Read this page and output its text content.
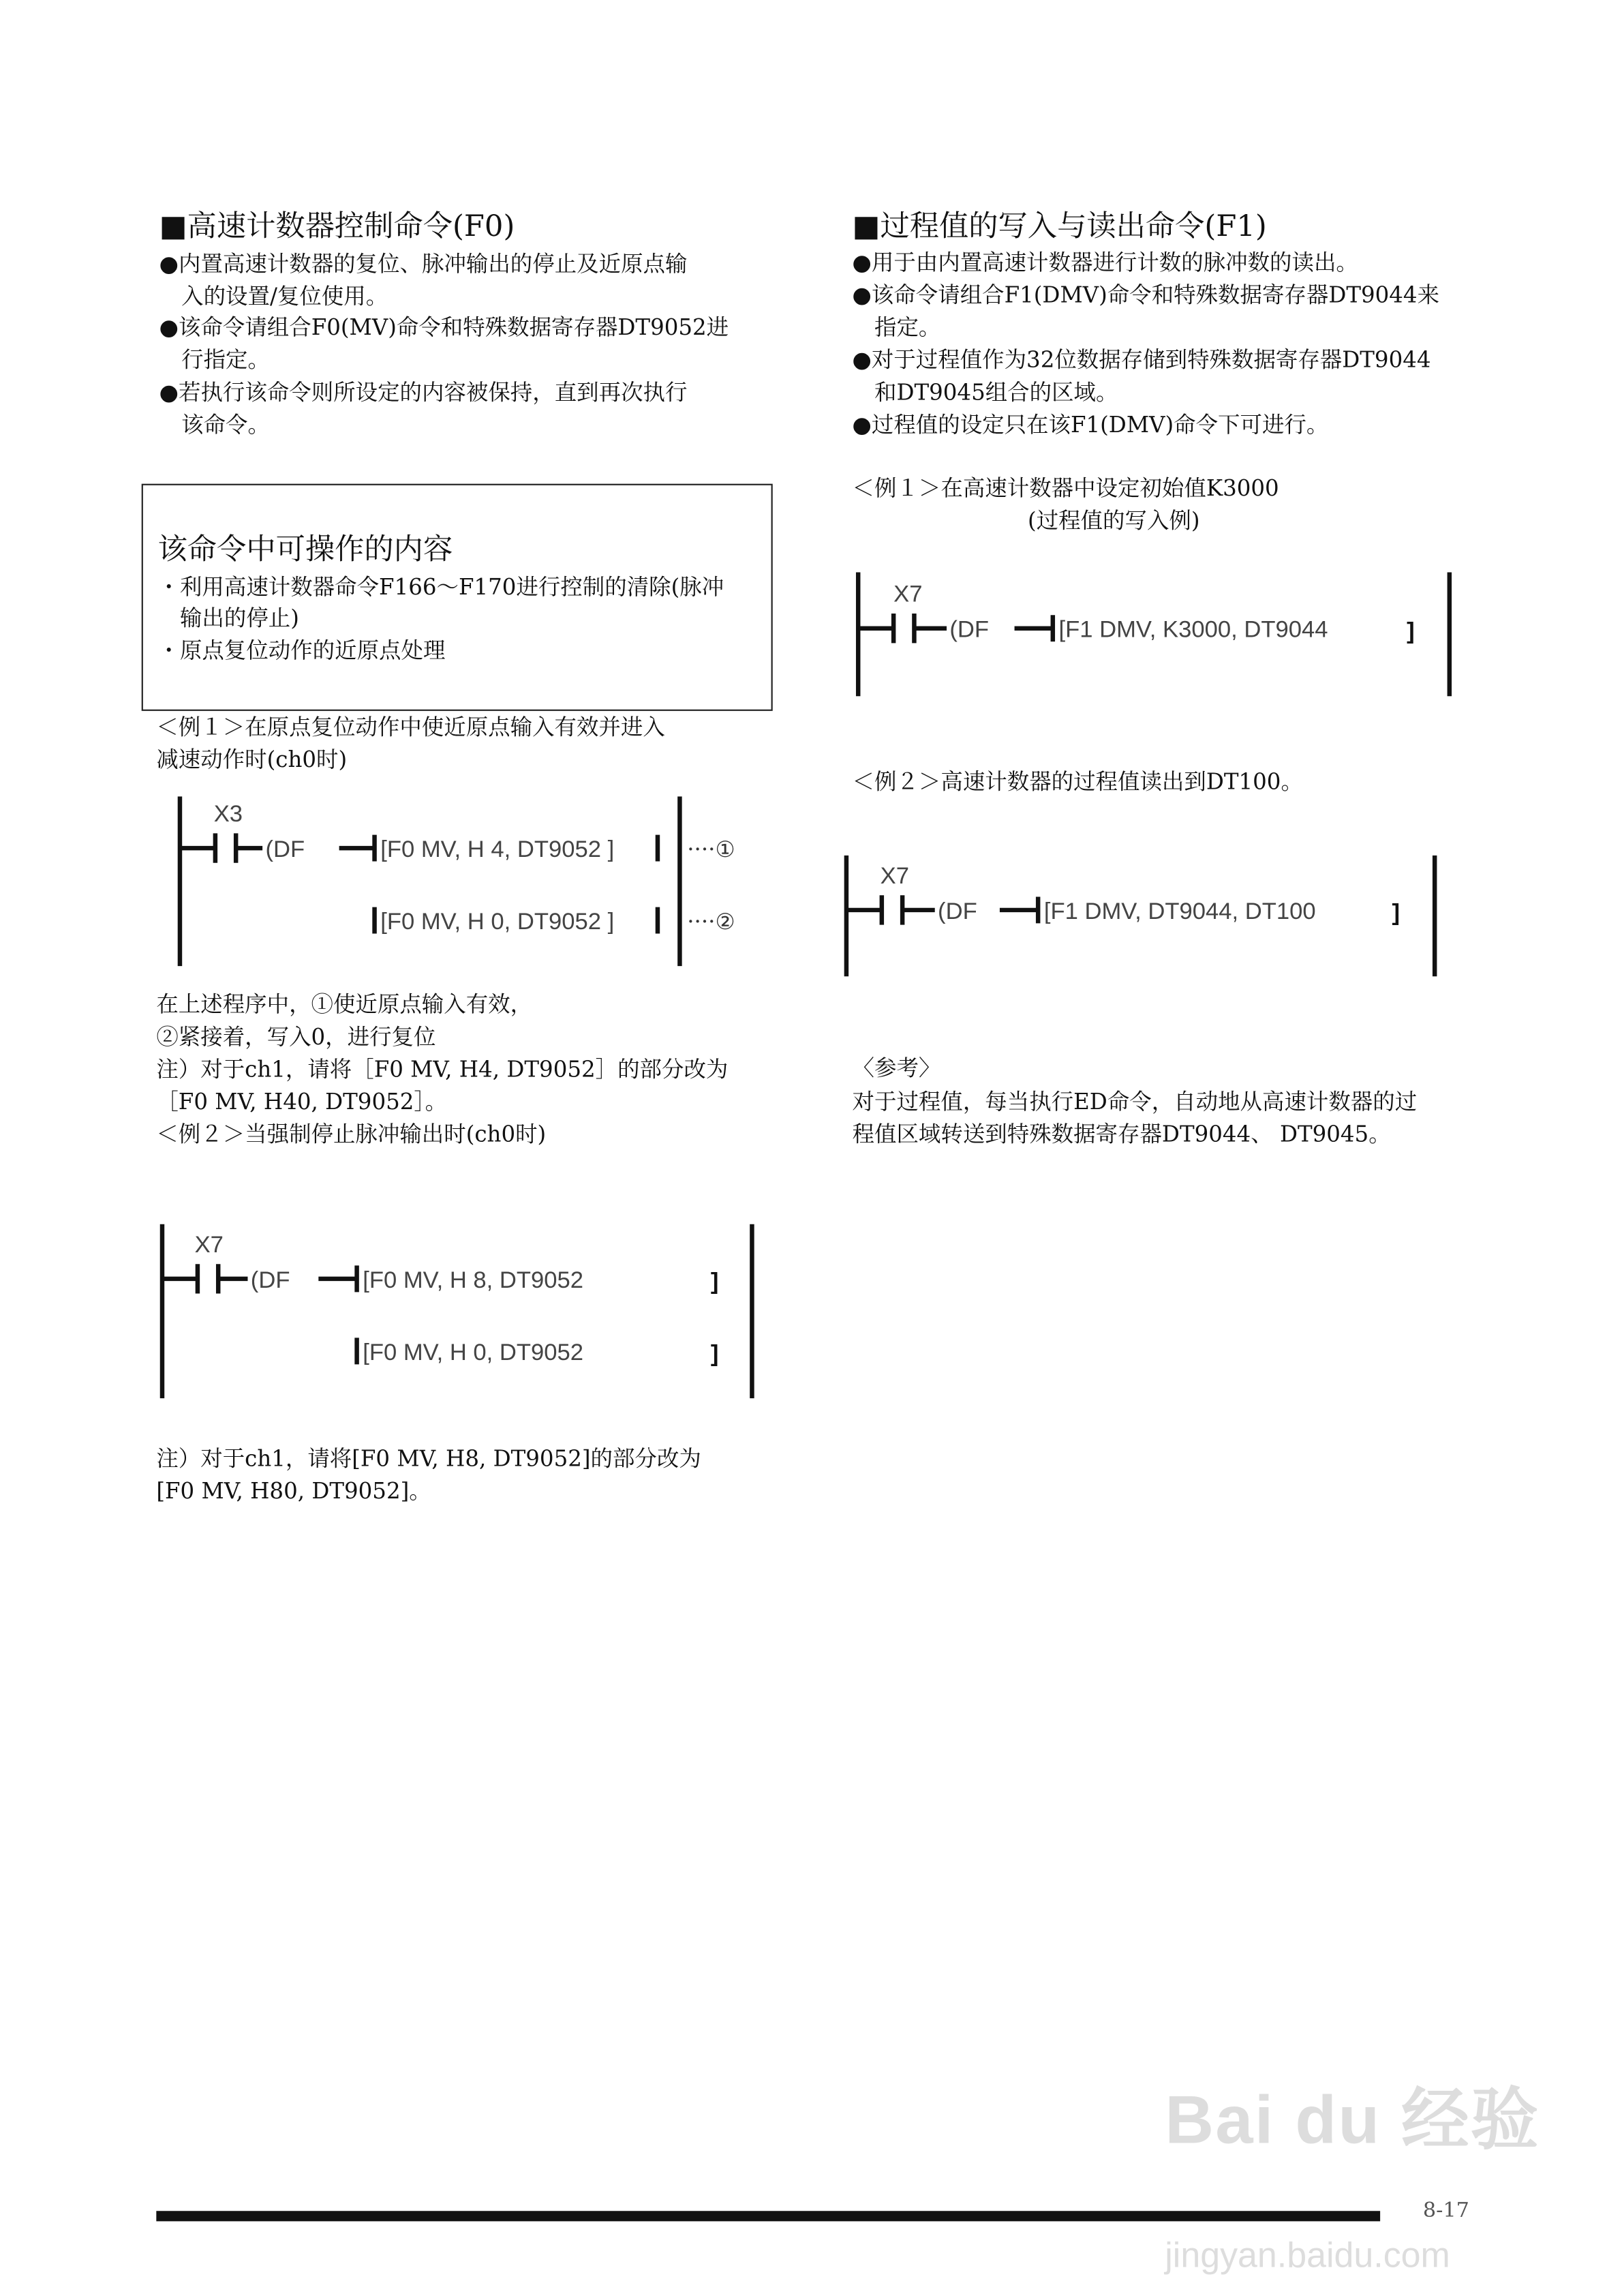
■高速计数器控制命令(F0)
●内置高速计数器的复位、脉冲输出的停止及近原点输
　入的设置/复位使用。
●该命令请组合F0(MV)命令和特殊数据寄存器DT9052进
　行指定。
●若执行该命令则所设定的内容被保持，直到再次执行
　该命令。
该命令中可操作的内容
・利用高速计数器命令F166～F170进行控制的清除(脉冲
　输出的停止)
・原点复位动作的近原点处理
＜例１＞在原点复位动作中使近原点输入有效并进入
减速动作时(ch0时)
X3
(DF	[F0 MV, H 4, DT9052 ]
[F0 MV, H 0, DT9052 ]
····①
····②
X7
(DF	[F0 MV, H 8, DT9052
[F0 MV, H 0, DT9052
]
]
X7
(DF	[F1 DMV, K3000, DT9044	]
X7
(DF	[F1 DMV, DT9044, DT100	]
在上述程序中，①使近原点输入有效，
②紧接着，写入0，进行复位
注）对于ch1，请将［F0 MV, H4, DT9052］的部分改为
［F0 MV, H40, DT9052］。
＜例２＞当强制停止脉冲输出时(ch0时)
注）对于ch1，请将[F0 MV, H8, DT9052]的部分改为
[F0 MV, H80, DT9052]。
■过程值的写入与读出命令(F1)
●用于由内置高速计数器进行计数的脉冲数的读出。
●该命令请组合F1(DMV)命令和特殊数据寄存器DT9044来
　指定。
●对于过程值作为32位数据存储到特殊数据寄存器DT9044
　和DT9045组合的区域。
●过程值的设定只在该F1(DMV)命令下可进行。
＜例１＞在高速计数器中设定初始值K3000
(过程值的写入例)
＜例２＞高速计数器的过程值读出到DT100。
〈参考〉
对于过程值，每当执行ED命令，自动地从高速计数器的过
程值区域转送到特殊数据寄存器DT9044、 DT9045。
8-17
Bai du 经验
jingyan.baidu.com
